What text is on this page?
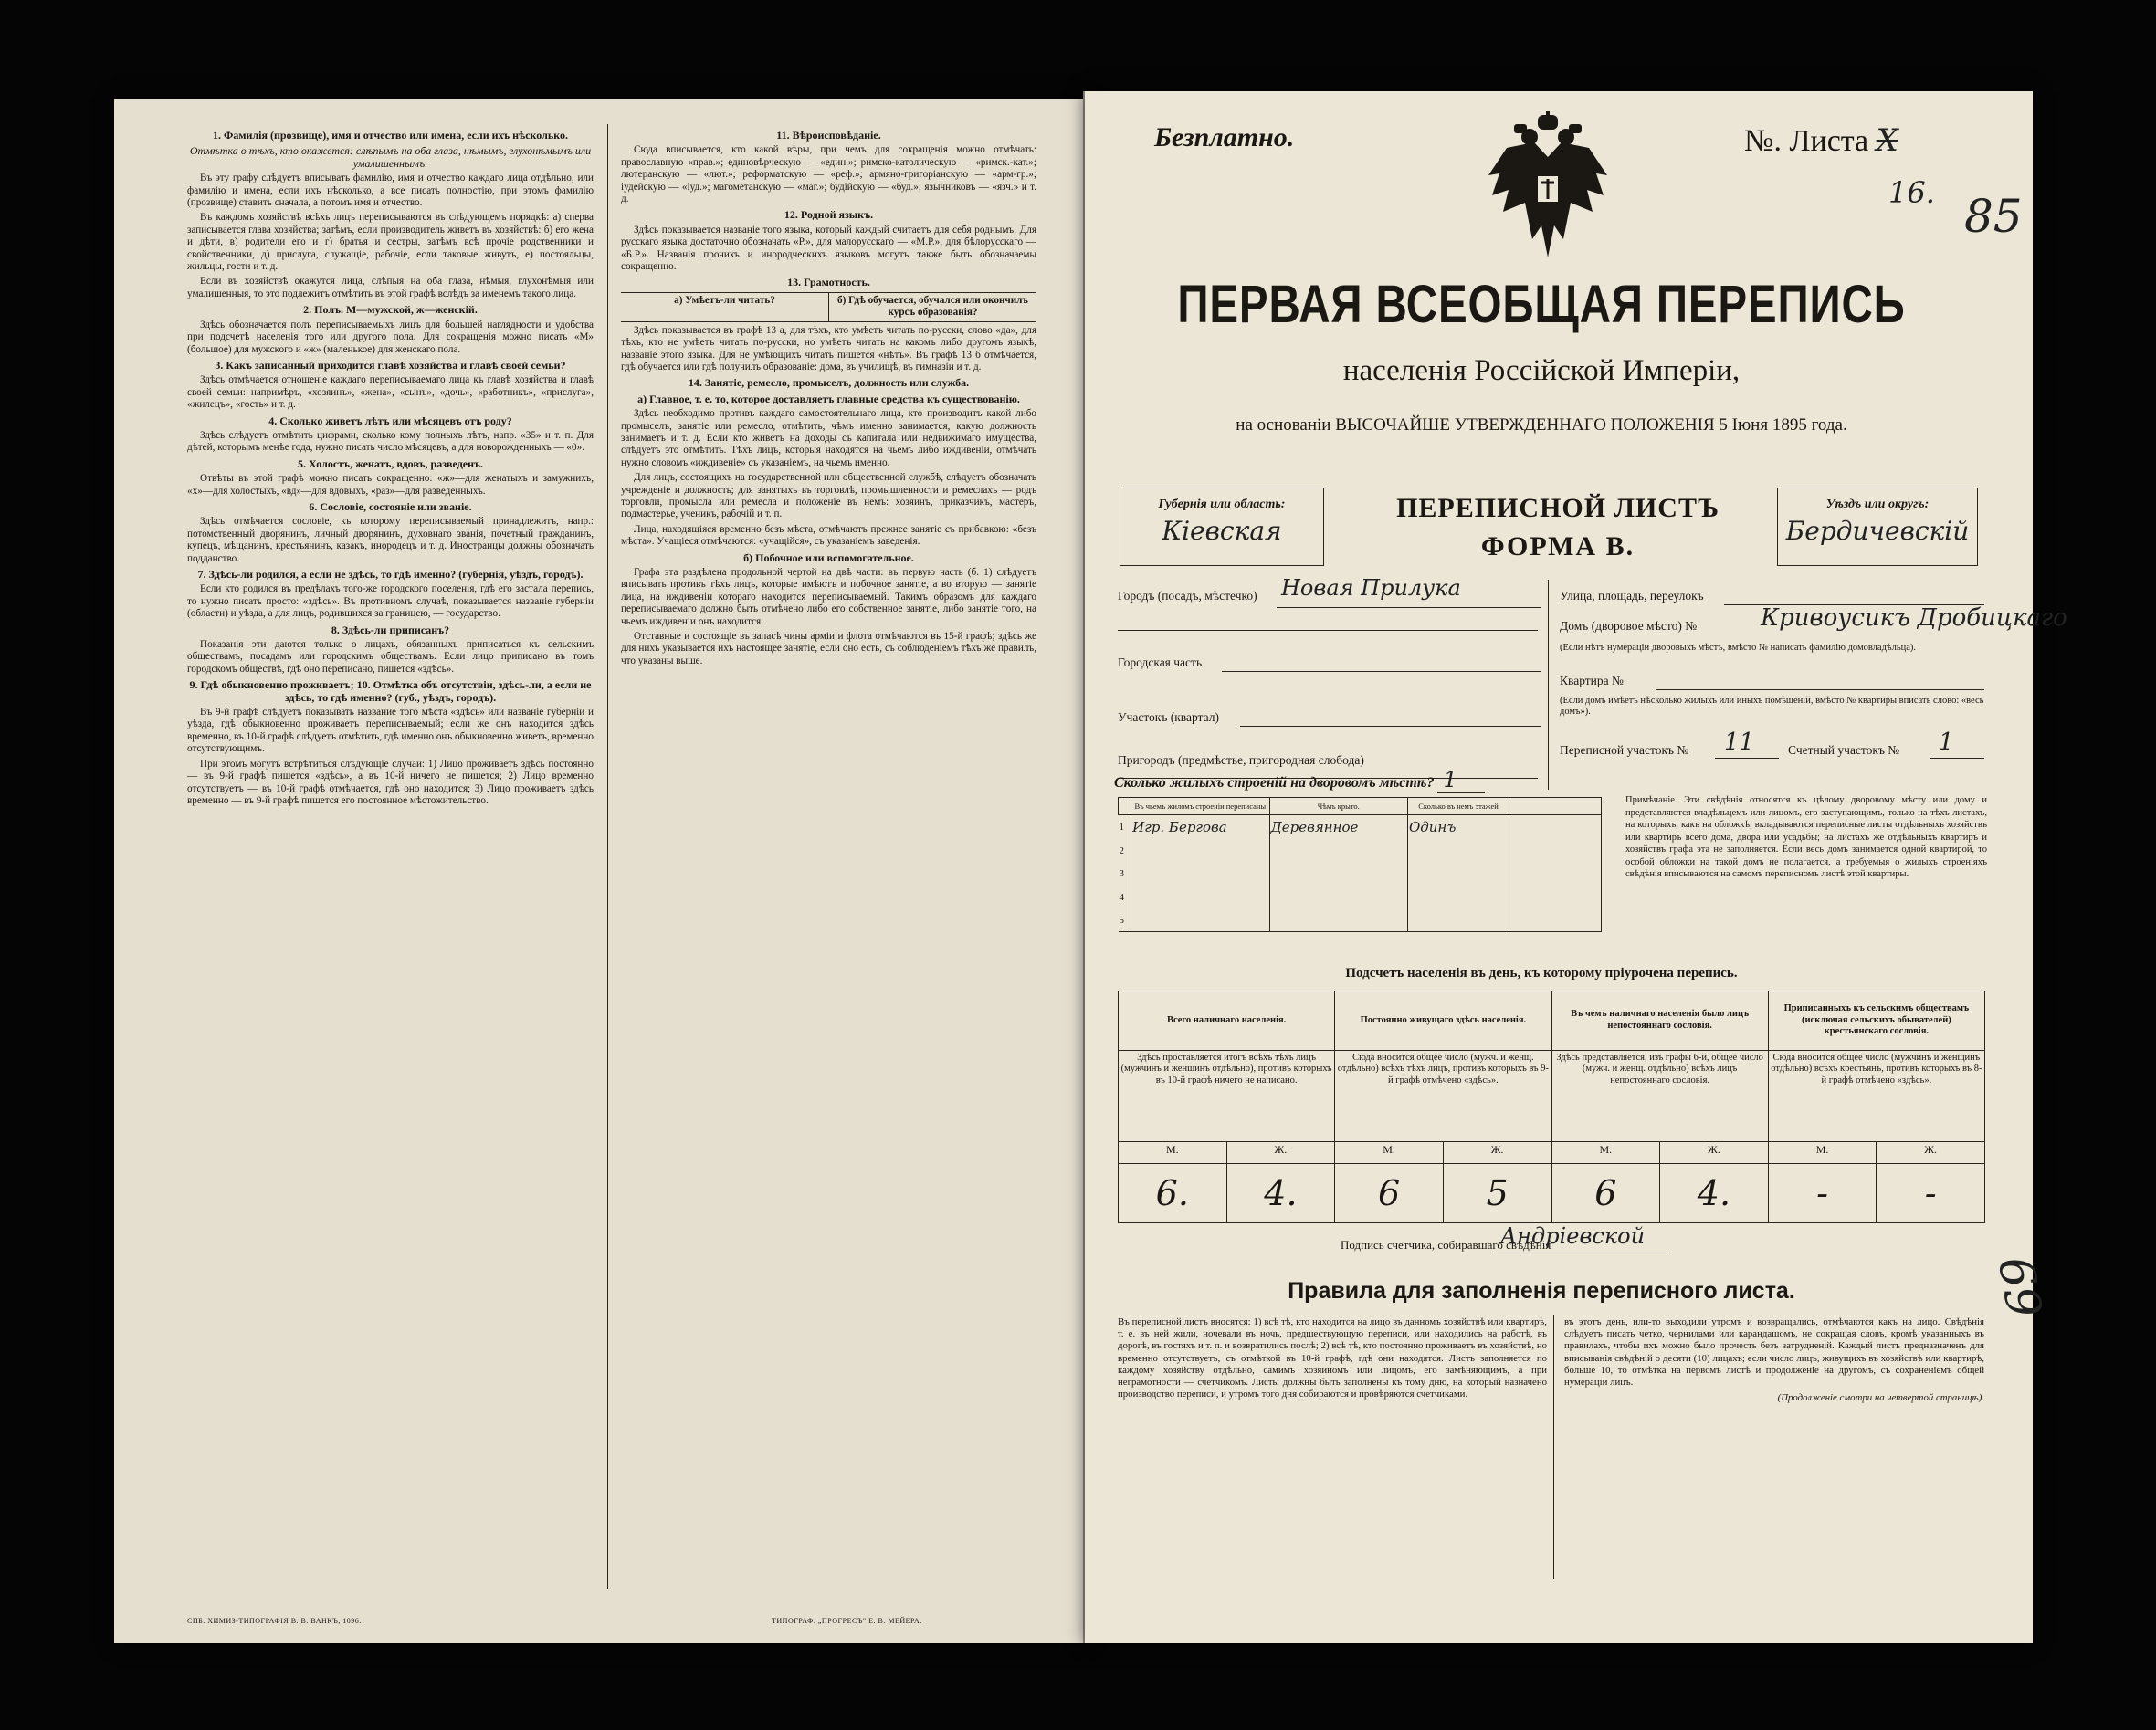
1. Фамилія (прозвище), имя и отчество или имена, если ихъ нѣсколько.
Отмѣтка о тѣхъ, кто окажется: слѣпымъ на оба глаза, нѣмымъ, глухонѣмымъ или умалишеннымъ.

Въ эту графу слѣдуетъ вписывать фамилію, имя и отчество каждаго лица отдѣльно, или фамилію и имена, если ихъ нѣсколько, а все писать полностію, при этомъ фамилію (прозвище) ставить сначала, а потомъ имя и отчество.

Въ каждомъ хозяйствѣ всѣхъ лицъ переписываются въ слѣдующемъ порядкѣ: а) сперва записывается глава хозяйства; затѣмъ, если производитель живетъ въ хозяйствѣ: б) его жена и дѣти, в) родители его и г) братья и сестры, затѣмъ всѣ прочіе родственники и свойственники, д) прислуга, служащіе, рабочіе, если таковые живутъ, е) постояльцы, жильцы, гости и т. д.

Если въ хозяйствѣ окажутся лица, слѣпыя на оба глаза, нѣмыя, глухонѣмыя или умалишенныя, то это подлежитъ отмѣтить въ этой графѣ вслѣдъ за именемъ такого лица.

2. Полъ. М—мужской, ж—женскій.

Здѣсь обозначается полъ переписываемыхъ лицъ для большей наглядности и удобства при подсчетѣ населенія того или другого пола. Для сокращенія можно писать «М» (большое) для мужского и «ж» (маленькое) для женскаго пола.

3. Какъ записанный приходится главѣ хозяйства и главѣ своей семьи?

Здѣсь отмѣчается отношеніе каждаго переписываемаго лица къ главѣ хозяйства и главѣ своей семьи: напримѣръ, «хозяинъ», «жена», «сынъ», «дочь», «работникъ», «прислуга», «жилецъ», «гость» и т. д.

4. Сколько живетъ лѣтъ или мѣсяцевъ отъ роду?

Здѣсь слѣдуетъ отмѣтить цифрами, сколько кому полныхъ лѣтъ, напр. «35» и т. п. Для дѣтей, которымъ менѣе года, нужно писать число мѣсяцевъ, а для новорожденныхъ — «0».

5. Холостъ, женатъ, вдовъ, разведенъ.

Отвѣты въ этой графѣ можно писать сокращенно: «ж»—для женатыхъ и замужнихъ, «х»—для холостыхъ, «вд»—для вдовыхъ, «раз»—для разведенныхъ.

6. Сословіе, состояніе или званіе.

Здѣсь отмѣчается сословіе, къ которому переписываемый принадлежитъ, напр.: потомственный дворянинъ, личный дворянинъ, духовнаго званія, почетный гражданинъ, купецъ, мѣщанинъ, крестьянинъ, казакъ, инородецъ и т. д. Иностранцы должны обозначать подданство.

7. Здѣсь-ли родился, а если не здѣсь, то гдѣ именно? (губернія, уѣздъ, городъ).

Если кто родился въ предѣлахъ того-же городского поселенія, гдѣ его застала перепись, то нужно писать просто: «здѣсь». Въ противномъ случаѣ, показывается названіе губерніи (области) и уѣзда, а для лицъ, родившихся за границею, — государство.

8. Здѣсь-ли приписанъ?

Показанія эти даются только о лицахъ, обязанныхъ приписаться къ сельскимъ обществамъ, посадамъ или городскимъ обществамъ. Если лицо приписано въ томъ городскомъ обществѣ, гдѣ оно переписано, пишется «здѣсь».

9. Гдѣ обыкновенно проживаетъ; 10. Отмѣтка объ отсутствіи, здѣсь-ли, а если не здѣсь, то гдѣ именно? (губ., уѣздъ, городъ).

Въ 9-й графѣ слѣдуетъ показывать название того мѣста «здѣсь» или названіе губерніи и уѣзда, гдѣ обыкновенно проживаетъ переписываемый; если же онъ находится здѣсь временно, въ 10-й графѣ слѣдуетъ отмѣтить, гдѣ именно онъ обыкновенно живетъ, временно отсутствующимъ.

При этомъ могутъ встрѣтиться слѣдующіе случаи: 1) Лицо проживаетъ здѣсь постоянно — въ 9-й графѣ пишется «здѣсь», а въ 10-й ничего не пишется; 2) Лицо временно отсутствуетъ — въ 10-й графѣ отмѣчается, гдѣ оно находится; 3) Лицо проживаетъ здѣсь временно — въ 9-й графѣ пишется его постоянное мѣстожительство.

СПБ. ХИМИЗ-ТИПОГРАФІЯ В. В. ВАНКЪ, 1096.
11. Вѣроисповѣданіе.

Сюда вписывается, кто какой вѣры, при чемъ для сокращенія можно отмѣчать: православную «прав.»; единовѣрческую — «един.»; римско-католическую — «римск.-кат.»; лютеранскую — «лют.»; реформатскую — «реф.»; армяно-григоріанскую — «арм-гр.»; іудейскую — «іуд.»; магометанскую — «маг.»; будійскую — «буд.»; язычниковъ — «язч.» и т. д.

12. Родной языкъ.

Здѣсь показывается названіе того языка, который каждый считаетъ для себя роднымъ. Для русскаго языка достаточно обозначать «Р.», для малорусскаго — «М.Р.», для бѣлорусскаго — «Б.Р.». Названія прочихъ и инородческихъ языковъ могутъ также быть обозначаемы сокращенно.

13. Грамотность.
а) Умѣетъ-ли читать?	б) Гдѣ обучается, обучался или окончилъ курсъ образованія?

Здѣсь показывается въ графѣ 13 а, для тѣхъ, кто умѣетъ читать по-русски, слово «да», для тѣхъ, кто не умѣетъ читать по-русски, но умѣетъ читать на какомъ либо другомъ языкѣ, названіе этого языка. Для не умѣющихъ читать пишется «нѣтъ». Въ графѣ 13 б отмѣчается, гдѣ обучается или гдѣ получилъ образованіе: дома, въ училищѣ, въ гимназіи и т. д.

14. Занятіе, ремесло, промыселъ, должность или служба.
а) Главное, т. е. то, которое доставляетъ главные средства къ существованію.

Здѣсь необходимо противъ каждаго самостоятельнаго лица, кто производитъ какой либо промыселъ, занятіе или ремесло, отмѣтить, чѣмъ именно занимается, какую должность занимаетъ и т. д. Если кто живетъ на доходы съ капитала или недвижимаго имущества, слѣдуетъ это отмѣтить. Тѣхъ лицъ, которыя находятся на чьемъ либо иждивеніи, отмѣчать нужно словомъ «иждивеніе» съ указаніемъ, на чьемъ именно.

Для лицъ, состоящихъ на государственной или общественной службѣ, слѣдуетъ обозначать учрежденіе и должность; для занятыхъ въ торговлѣ, промышленности и ремеслахъ — родъ торговли, промысла или ремесла и положеніе въ немъ: хозяинъ, приказчикъ, мастеръ, подмастерье, ученикъ, рабочій и т. п.

Лица, находящіяся временно безъ мѣста, отмѣчаютъ прежнее занятіе съ прибавкою: «безъ мѣста». Учащіеся отмѣчаются: «учащійся», съ указаніемъ заведенія.

б) Побочное или вспомогательное.

Графа эта раздѣлена продольной чертой на двѣ части: въ первую часть (б. 1) слѣдуетъ вписывать противъ тѣхъ лицъ, которые имѣютъ и побочное занятіе, а во вторую — занятіе лица, на иждивеніи котораго находится переписываемый. Такимъ образомъ для каждаго переписываемаго должно быть отмѣчено либо его собственное занятіе, либо занятіе того, на чьемъ иждивеніи онъ находится.

Отставные и состоящіе въ запасѣ чины армiи и флота отмѣчаются въ 15-й графѣ; здѣсь же для нихъ указывается ихъ настоящее занятіе, если оно есть, съ соблюденіемъ тѣхъ же правилъ, что указаны выше.

ТИПОГРАФ. „ПРОГРЕСЪ" Е. В. МЕЙЕРА.
Безплатно.	№. Листа X
16. 85
69
ПЕРВАЯ ВСЕОБЩАЯ ПЕРЕПИСЬ
населенія Россійской Имперіи,
на основаніи ВЫСОЧАЙШЕ УТВЕРЖДЕННАГО ПОЛОЖЕНІЯ 5 Іюня 1895 года.
Губернія или область:
Кіевская
ПЕРЕПИСНОЙ ЛИСТЪ
ФОРМА В.
Уѣздъ или округъ:
Бердичевскій
Городъ (посадъ, мѣстечко) Новая Прилука
Городская часть
Участокъ (квартал)
Пригородъ (предмѣстье, пригородная слобода)
Улица, площадь, переулокъ
Домъ (дворовое мѣсто) №	Кривоусикъ Дробицкаго
(Если нѣтъ нумераціи дворовыхъ мѣстъ, вмѣсто № написать фамилію домовладѣльца).
Квартира №
(Если домъ имѣетъ нѣсколько жилыхъ или иныхъ помѣщеній, вмѣсто № квартиры вписать слово: «весь домъ»).
Переписной участокъ № 11	Счетный участокъ № 1
Сколько жилыхъ строеній на дворовомъ мѣстѣ? 1
	Въ чьемъ жиломъ строеніи переписаны	Чѣмъ крыто.	Сколько въ немъ этажей	
1	Игр. Бергова	Деревянное	Одинъ	
2				
3				
4				
5				
Примѣчаніе. Эти свѣдѣнія относятся къ цѣлому дворовому мѣсту или дому и представляются владѣльцемъ или лицомъ, его заступающимъ, только на тѣхъ листахъ, на которыхъ, какъ на обложкѣ, вкладываются переписные листы отдѣльныхъ хозяйствъ или квартиръ всего дома, двора или усадьбы; на листахъ же отдѣльныхъ квартиръ и хозяйствъ графа эта не заполняется. Если весь домъ занимается одной квартирой, то особой обложки на такой домъ не полагается, а требуемыя о жилыхъ строеніяхъ свѣдѣнія вписываются на самомъ переписномъ листѣ этой квартиры.
Подсчетъ населенія въ день, къ которому пріурочена перепись.
Всего наличнаго населенія.		Постоянно живущаго здѣсь населенія.		Въ чемъ наличнаго населенія было лицъ непостояннаго сословія.		Приписанныхъ къ сельскимъ обществамъ (исключая сельскихъ обывателей) крестьянскаго сословія.	
Здѣсь проставляется итогъ всѣхъ тѣхъ лицъ (мужчинъ и женщинъ отдѣльно), противъ которыхъ въ 10-й графѣ ничего не написано.		Сюда вносится общее число (мужч. и женщ. отдѣльно) всѣхъ тѣхъ лицъ, противъ которыхъ въ 9-й графѣ отмѣчено «здѣсь».		Здѣсь представляется, изъ графы 6-й, общее число (мужч. и женщ. отдѣльно) всѣхъ лицъ непостояннаго сословія.		Сюда вносится общее число (мужчинъ и женщинъ отдѣльно) всѣхъ крестьянъ, противъ которыхъ въ 8-й графѣ отмѣчено «здѣсь».	
М.	Ж.	М.	Ж.	М.	Ж.	М.	Ж.
6.	4.	6	5	6	4.	-	-
Подпись счетчика, собиравшаго свѣдѣнія
Андріевской
Правила для заполненія переписного листа.
Въ переписной листъ вносятся: 1) всѣ тѣ, кто находится на лицо въ данномъ хозяйствѣ или квартирѣ, т. е. въ ней жили, ночевали въ ночь, предшествующую переписи, или находились на работѣ, въ дорогѣ, въ гостяхъ и т. п. и возвратились послѣ; 2) всѣ тѣ, кто постоянно проживаетъ въ хозяйствѣ, но временно отсутствуетъ, съ отмѣткой въ 10-й графѣ, гдѣ они находятся. Листъ заполняется по каждому хозяйству отдѣльно, самимъ хозяиномъ или лицомъ, его замѣняющимъ, а при неграмотности — счетчикомъ. Листы должны быть заполнены къ тому дню, на который назначено производство переписи, и утромъ того дня собираются и провѣряются счетчиками.
въ этотъ день, или-то выходили утромъ и возвращались, отмѣчаются какъ на лицо. Свѣдѣнія слѣдуетъ писать четко, чернилами или карандашомъ, не сокращая словъ, кромѣ указанныхъ въ правилахъ, чтобы ихъ можно было прочесть безъ затрудненій. Каждый листъ предназначенъ для вписыванія свѣдѣній о десяти (10) лицахъ; если число лицъ, живущихъ въ хозяйствѣ или квартирѣ, больше 10, то отмѣтка на первомъ листѣ и продолженіе на другомъ, съ сохраненіемъ общей нумераціи лицъ.
(Продолженіе смотри на четвертой страницѣ).
